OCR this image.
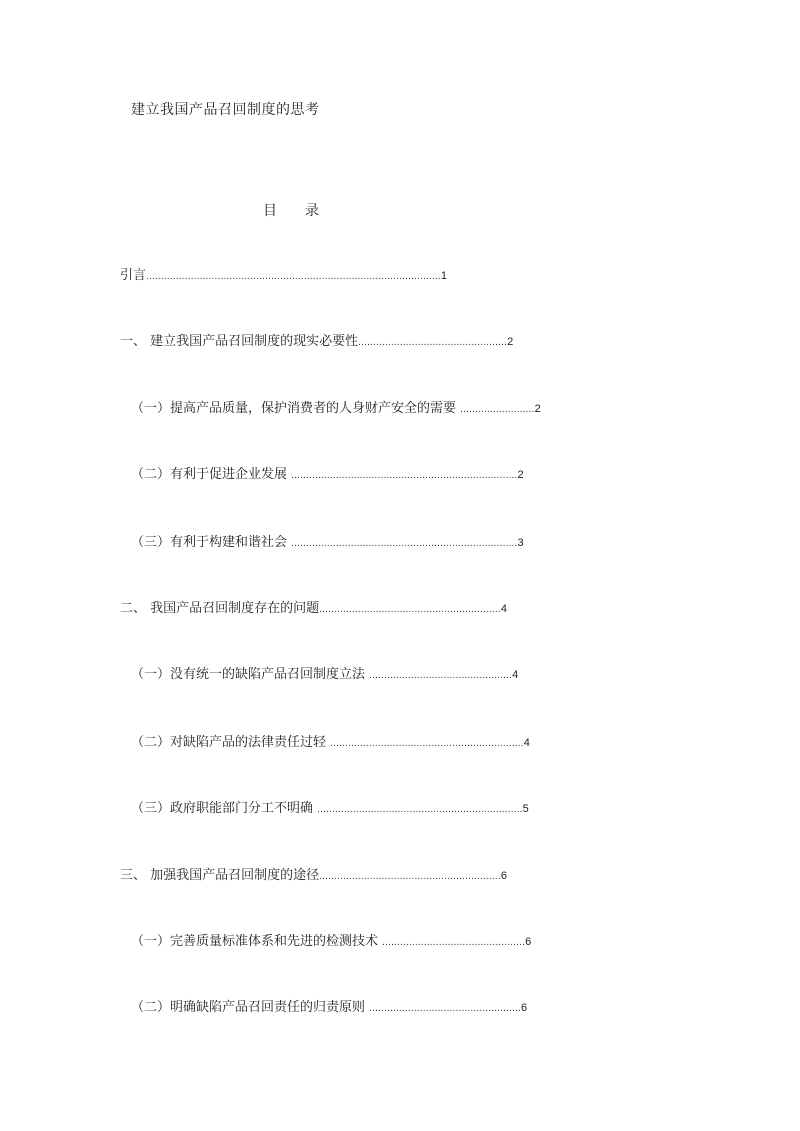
建立我国产品召回制度的思考
目 录
引言...................................................................................................1
一、 建立我国产品召回制度的现实必要性..................................................2
（一）提高产品质量，保护消费者的人身财产安全的需要 .........................2
（二）有利于促进企业发展 ............................................................................2
（三）有利于构建和谐社会 ............................................................................3
二、 我国产品召回制度存在的问题.............................................................4
（一）没有统一的缺陷产品召回制度立法 ................................................4
（二）对缺陷产品的法律责任过轻 .................................................................4
（三）政府职能部门分工不明确 .....................................................................5
三、 加强我国产品召回制度的途径.............................................................6
（一）完善质量标准体系和先进的检测技术 ................................................6
（二）明确缺陷产品召回责任的归责原则 ...................................................6
